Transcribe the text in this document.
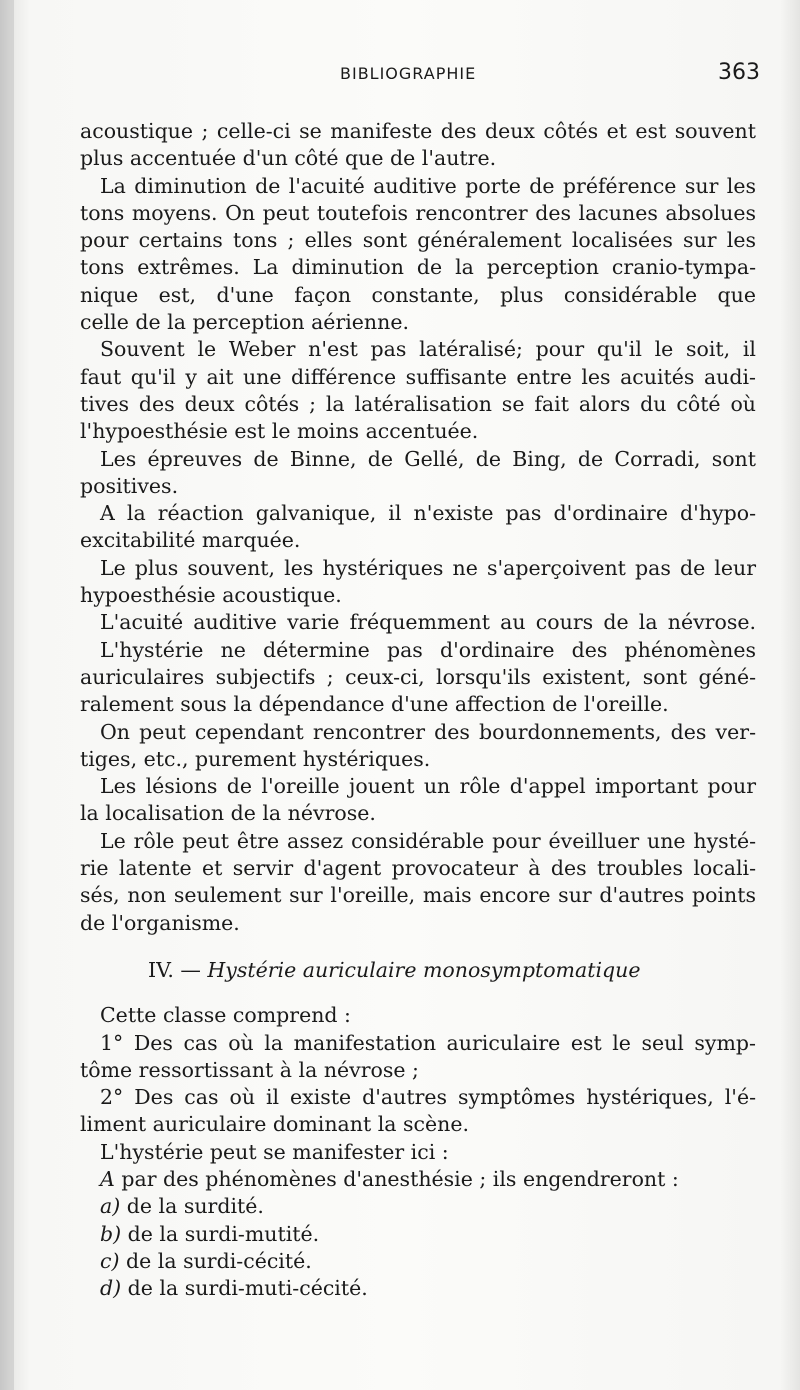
BIBLIOGRAPHIE	363
acoustique ; celle-ci se manifeste des deux côtés et est souvent
plus accentuée d'un côté que de l'autre.
La diminution de l'acuité auditive porte de préférence sur les
tons moyens. On peut toutefois rencontrer des lacunes absolues
pour certains tons ; elles sont généralement localisées sur les
tons extrêmes. La diminution de la perception cranio-tympa-
nique est, d'une façon constante, plus considérable que
celle de la perception aérienne.
Souvent le Weber n'est pas latéralisé; pour qu'il le soit, il
faut qu'il y ait une différence suffisante entre les acuités audi-
tives des deux côtés ; la latéralisation se fait alors du côté où
l'hypoesthésie est le moins accentuée.
Les épreuves de Binne, de Gellé, de Bing, de Corradi, sont
positives.
A la réaction galvanique, il n'existe pas d'ordinaire d'hypo-
excitabilité marquée.
Le plus souvent, les hystériques ne s'aperçoivent pas de leur
hypoesthésie acoustique.
L'acuité auditive varie fréquemment au cours de la névrose.
L'hystérie ne détermine pas d'ordinaire des phénomènes
auriculaires subjectifs ; ceux-ci, lorsqu'ils existent, sont géné-
ralement sous la dépendance d'une affection de l'oreille.
On peut cependant rencontrer des bourdonnements, des ver-
tiges, etc., purement hystériques.
Les lésions de l'oreille jouent un rôle d'appel important pour
la localisation de la névrose.
Le rôle peut être assez considérable pour éveilluer une hysté-
rie latente et servir d'agent provocateur à des troubles locali-
sés, non seulement sur l'oreille, mais encore sur d'autres points
de l'organisme.
IV. — Hystérie auriculaire monosymptomatique
Cette classe comprend :
1° Des cas où la manifestation auriculaire est le seul symp-
tôme ressortissant à la névrose ;
2° Des cas où il existe d'autres symptômes hystériques, l'é-
liment auriculaire dominant la scène.
L'hystérie peut se manifester ici :
A par des phénomènes d'anesthésie ; ils engendreront :
a) de la surdité.
b) de la surdi-mutité.
c) de la surdi-cécité.
d) de la surdi-muti-cécité.
